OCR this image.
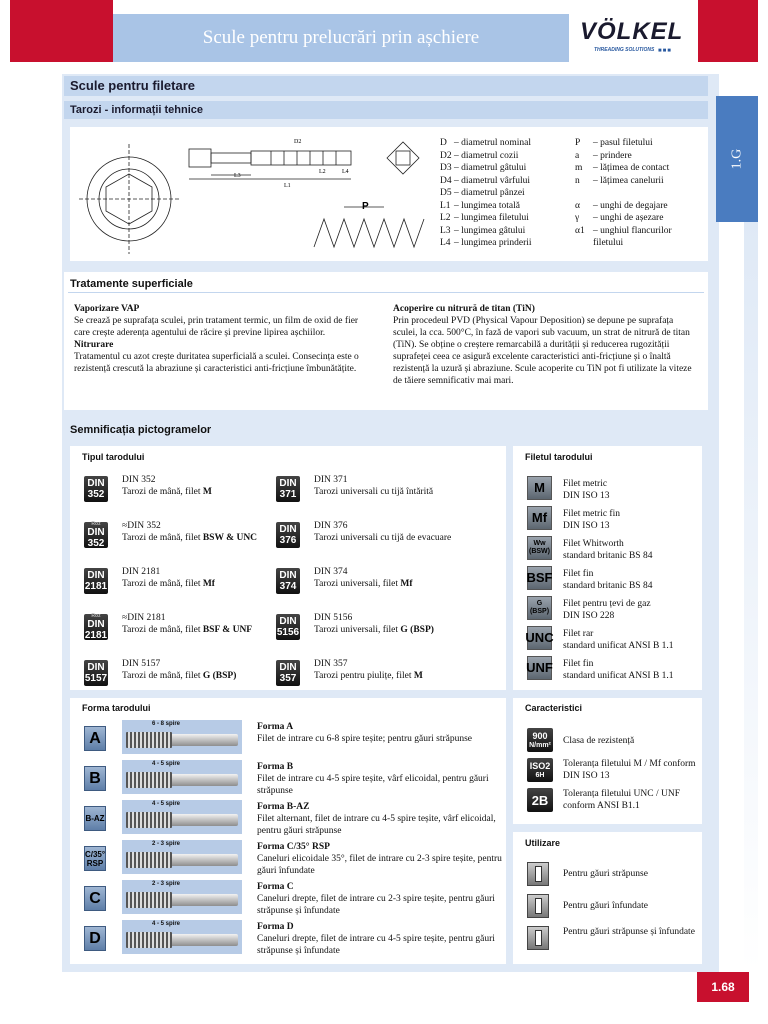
Scule pentru prelucrări prin așchiere	VÖLKEL
THREADING SOLUTIONS ■■■
1.G
Scule pentru filetare
Tarozi - informații tehnice
P
D2
L3
L1
L2	L4
D – diametrul nominal
D2 – diametrul cozii
D3 – diametrul gâtului
D4 – diametrul vârfului
D5 – diametrul pânzei
L1 – lungimea totală
L2 – lungimea filetului
L3 – lungimea gâtului
L4 – lungimea prinderii
P – pasul filetului
a – prindere
m – lățimea de contact
n – lățimea canelurii
α – unghi de degajare
γ – unghi de așezare
α1 – unghiul flancurilor
filetului
Tratamente superficiale
Vaporizare VAP
Se crează pe suprafața sculei, prin tratament termic, un film de oxid de fier care crește aderența agentului de răcire și previne lipirea așchiilor.
Nitrurare
Tratamentul cu azot crește duritatea superficială a sculei. Consecința este o rezistență crescută la abraziune și caracteristici anti-fricțiune îmbunătățite.
Acoperire cu nitrură de titan (TiN)
Prin procedeul PVD (Physical Vapour Deposition) se depune pe suprafața sculei, la cca. 500°C, în fază de vapori sub vacuum, un strat de nitrură de titan (TiN). Se obține o creștere remarcabilă a durității și reducerea rugozității suprafeței ceea ce asigură excelente caracteristici anti-fricțiune și o înaltă rezistență la uzură și abraziune. Scule acoperite cu TiN pot fi utilizate la viteze de tăiere semnificativ mai mari.
Semnificația pictogramelor
Tipul tarodului
DIN
352
DIN 352
Tarozi de mână, filet M
Roz
DIN
352
≈DIN 352
Tarozi de mână, filet BSW & UNC
DIN
2181
DIN 2181
Tarozi de mână, filet Mf
Roz
DIN
2181
≈DIN 2181
Tarozi de mână, filet BSF & UNF
DIN
5157
DIN 5157
Tarozi de mână, filet G (BSP)
DIN
371
DIN 371
Tarozi universali cu tijă întărită
DIN
376
DIN 376
Tarozi universali cu tijă de evacuare
DIN
374
DIN 374
Tarozi universali, filet Mf
DIN
5156
DIN 5156
Tarozi universali, filet G (BSP)
DIN
357
DIN 357
Tarozi pentru piulițe, filet M
Filetul tarodului
M	Filet metric
DIN ISO 13
Mf	Filet metric fin
DIN ISO 13
Ww
(BSW)
Filet Whitworth
standard britanic BS 84
BSF Filet fin
standard britanic BS 84
G
(BSP)
Filet pentru țevi de gaz
DIN ISO 228
UNC Filet rar
standard unificat ANSI B 1.1
UNF Filet fin
standard unificat ANSI B 1.1
Forma tarodului
A
6 - 8 spire	Forma A
Filet de intrare cu 6-8 spire teșite; pentru găuri străpunse
B
4 - 5 spire	Forma B
Filet de intrare cu 4-5 spire teșite, vârf elicoidal, pentru găuri străpunse
B-AZ
4 - 5 spire	Forma B-AZ
Filet alternant, filet de intrare cu 4-5 spire teșite, vârf elicoidal, pentru găuri străpunse
C/35°
RSP
2 - 3 spire	Forma C/35° RSP
Caneluri elicoidale 35°, filet de intrare cu 2-3 spire teșite, pentru găuri înfundate
C
2 - 3 spire	Forma C
Caneluri drepte, filet de intrare cu 2-3 spire teșite, pentru găuri străpunse și înfundate
D
4 - 5 spire	Forma D
Caneluri drepte, filet de intrare cu 4-5 spire teșite, pentru găuri străpunse și înfundate
Caracteristici
900
N/mm² Clasa de rezistență
ISO2
6H
Toleranța filetului M / Mf conform DIN ISO 13
2B	Toleranța filetului UNC / UNF conform ANSI B1.1
Utilizare
Pentru găuri străpunse
Pentru găuri înfundate
Pentru găuri străpunse și înfundate
1.68
